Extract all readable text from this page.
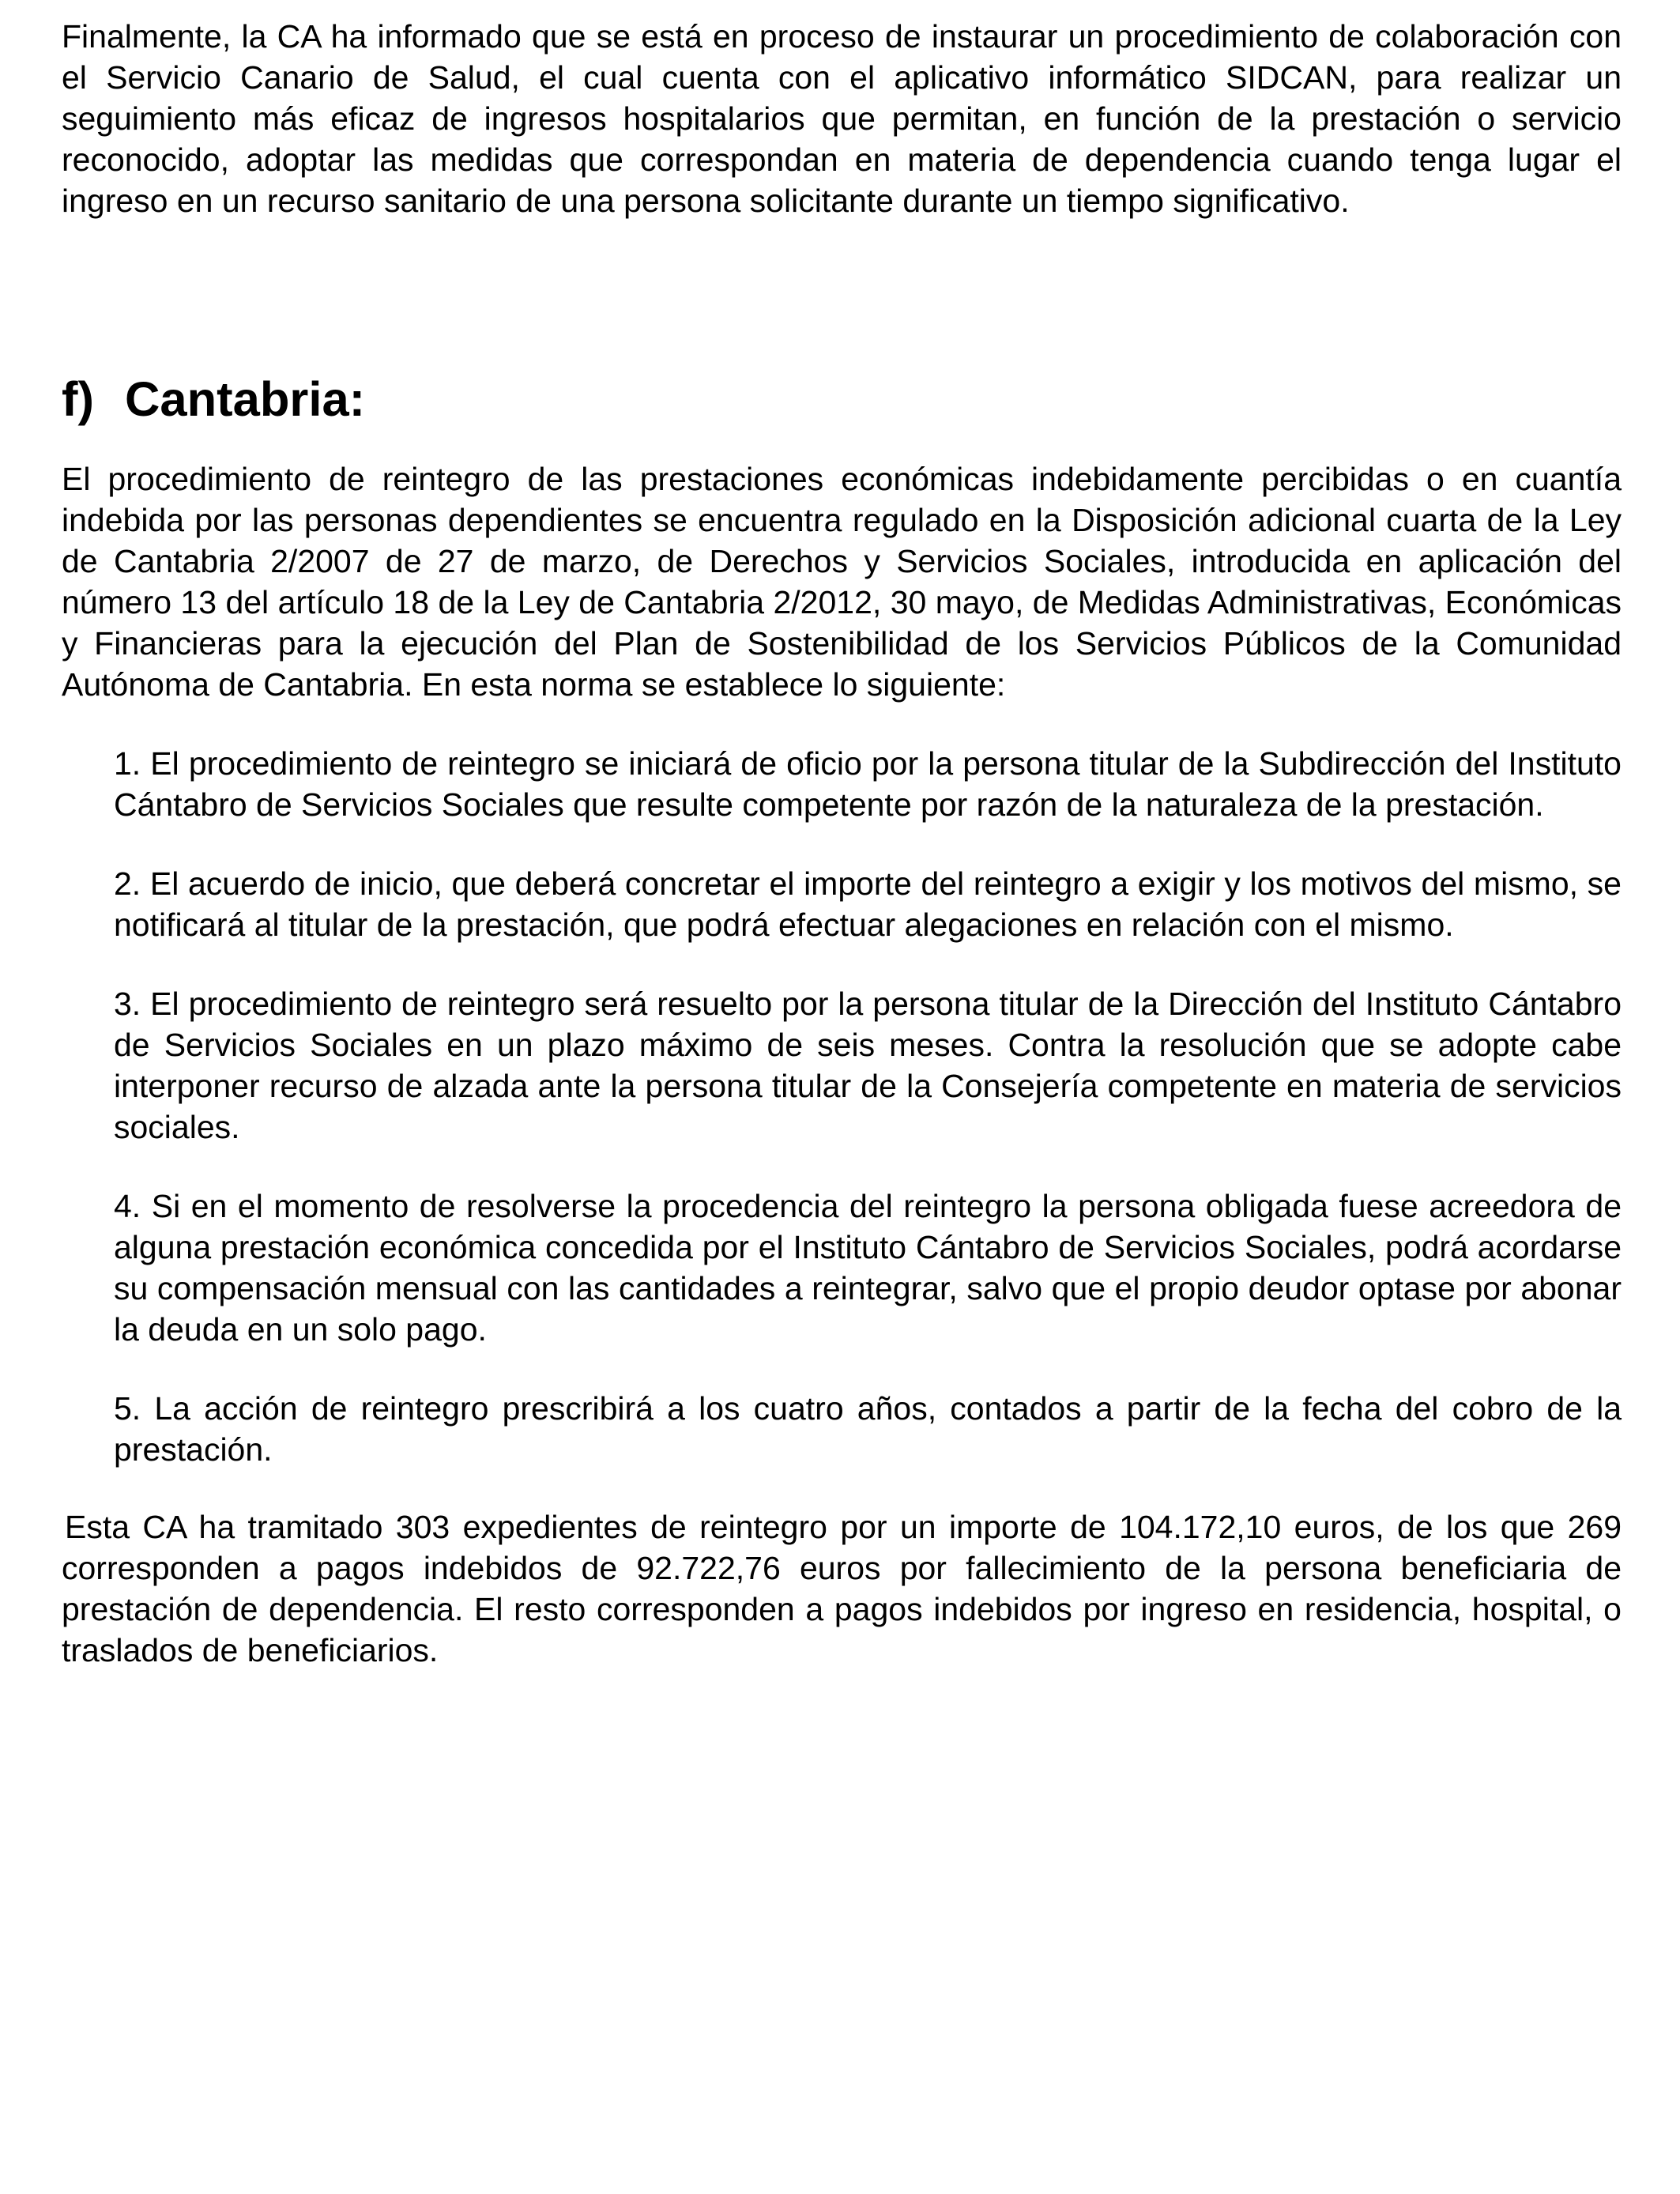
Finalmente, la CA ha informado que se está en proceso de instaurar un procedimiento de colaboración con el Servicio Canario de Salud, el cual cuenta con el aplicativo informático SIDCAN, para realizar un seguimiento más eficaz de ingresos hospitalarios que permitan, en función de la prestación o servicio reconocido, adoptar las medidas que correspondan en materia de dependencia cuando tenga lugar el ingreso en un recurso sanitario de una persona solicitante durante un tiempo significativo.

f) Cantabria:

El procedimiento de reintegro de las prestaciones económicas indebidamente percibidas o en cuantía indebida por las personas dependientes se encuentra regulado en la Disposición adicional cuarta de la Ley de Cantabria 2/2007 de 27 de marzo, de Derechos y Servicios Sociales, introducida en aplicación del número 13 del artículo 18 de la Ley de Cantabria 2/2012, 30 mayo, de Medidas Administrativas, Económicas y Financieras para la ejecución del Plan de Sostenibilidad de los Servicios Públicos de la Comunidad Autónoma de Cantabria. En esta norma se establece lo siguiente:

1. El procedimiento de reintegro se iniciará de oficio por la persona titular de la Subdirección del Instituto Cántabro de Servicios Sociales que resulte competente por razón de la naturaleza de la prestación.
2. El acuerdo de inicio, que deberá concretar el importe del reintegro a exigir y los motivos del mismo, se notificará al titular de la prestación, que podrá efectuar alegaciones en relación con el mismo.
3. El procedimiento de reintegro será resuelto por la persona titular de la Dirección del Instituto Cántabro de Servicios Sociales en un plazo máximo de seis meses. Contra la resolución que se adopte cabe interponer recurso de alzada ante la persona titular de la Consejería competente en materia de servicios sociales.
4. Si en el momento de resolverse la procedencia del reintegro la persona obligada fuese acreedora de alguna prestación económica concedida por el Instituto Cántabro de Servicios Sociales, podrá acordarse su compensación mensual con las cantidades a reintegrar, salvo que el propio deudor optase por abonar la deuda en un solo pago.
5. La acción de reintegro prescribirá a los cuatro años, contados a partir de la fecha del cobro de la prestación.

Esta CA ha tramitado 303 expedientes de reintegro por un importe de 104.172,10 euros, de los que 269 corresponden a pagos indebidos de 92.722,76 euros por fallecimiento de la persona beneficiaria de prestación de dependencia. El resto corresponden a pagos indebidos por ingreso en residencia, hospital, o traslados de beneficiarios.
